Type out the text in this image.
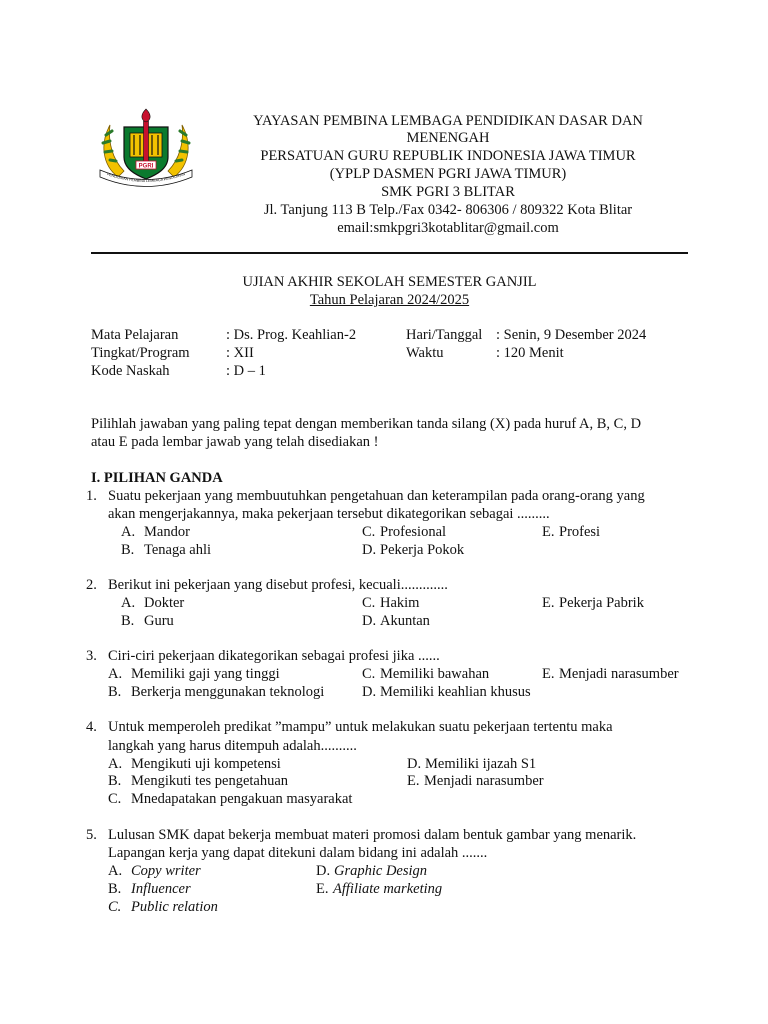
PGRI
PENDIDIKAN PEMBINA LEMBAGA PENDIDIKAN
YAYASAN PEMBINA LEMBAGA PENDIDIKAN DASAR DAN
MENENGAH
PERSATUAN GURU REPUBLIK INDONESIA JAWA TIMUR
(YPLP DASMEN PGRI JAWA TIMUR)
SMK PGRI 3 BLITAR
Jl. Tanjung 113 B Telp./Fax 0342- 806306 / 809322 Kota Blitar
email:smkpgri3kotablitar@gmail.com
UJIAN AKHIR SEKOLAH SEMESTER GANJIL
Tahun Pelajaran 2024/2025
Mata Pelajaran	: Ds. Prog. Keahlian-2	Hari/Tanggal : Senin, 9 Desember 2024
Tingkat/Program	: XII	Waktu	: 120 Menit
Kode Naskah	: D – 1
Pilihlah jawaban yang paling tepat dengan memberikan tanda silang (X) pada huruf A, B, C, D
atau E pada lembar jawab yang telah disediakan !
I. PILIHAN GANDA
1. Suatu pekerjaan yang membuutuhkan pengetahuan dan keterampilan pada orang-orang yang
akan mengerjakannya, maka pekerjaan tersebut dikategorikan sebagai .........
A. Mandor
B. Tenaga ahli
C. Profesional
D. Pekerja Pokok
E. Profesi
2. Berikut ini pekerjaan yang disebut profesi, kecuali.............
A. Dokter
B. Guru
C. Hakim
D. Akuntan
E. Pekerja Pabrik
3. Ciri-ciri pekerjaan dikategorikan sebagai profesi jika ......
A. Memiliki gaji yang tinggi
B. Berkerja menggunakan teknologi
C. Memiliki bawahan
D. Memiliki keahlian khusus
E. Menjadi narasumber
4. Untuk memperoleh predikat ”mampu” untuk melakukan suatu pekerjaan tertentu maka
langkah yang harus ditempuh adalah..........
A. Mengikuti uji kompetensi
B. Mengikuti tes pengetahuan
C. Mnedapatakan pengakuan masyarakat
D. Memiliki ijazah S1
E. Menjadi narasumber
5. Lulusan SMK dapat bekerja membuat materi promosi dalam bentuk gambar yang menarik.
Lapangan kerja yang dapat ditekuni dalam bidang ini adalah .......
A. Copy writer
B. Influencer
C. Public relation
D. Graphic Design
E. Affiliate marketing
